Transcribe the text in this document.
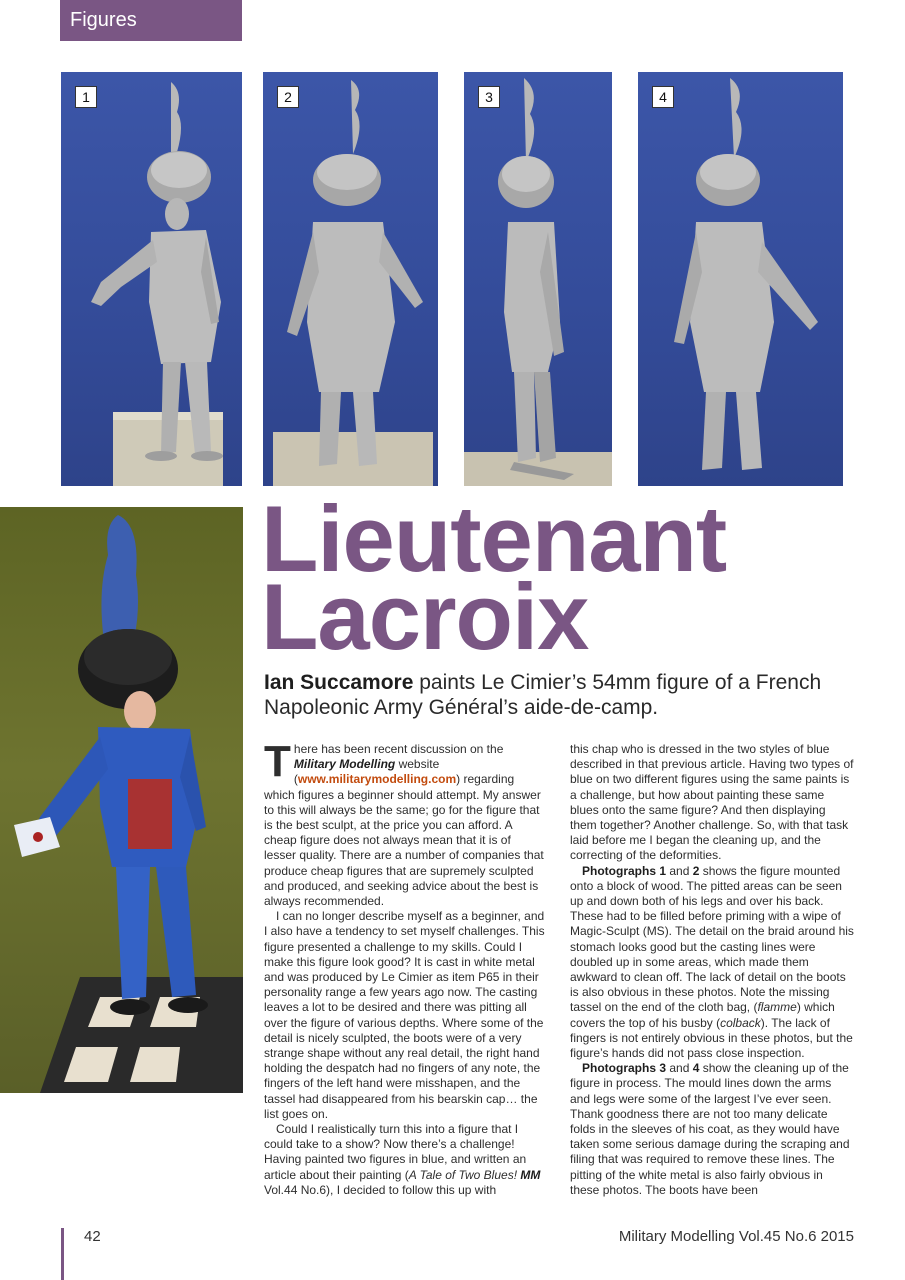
Figures
1	2	3	4
Lieutenant
Lacroix
Ian Succamore paints Le Cimier’s 54mm figure of a French Napoleonic Army Général’s aide-de-camp.

There has been recent discussion on the Military Modelling website (www.militarymodelling.com) regarding which figures a beginner should attempt. My answer to this will always be the same; go for the figure that is the best sculpt, at the price you can afford. A cheap figure does not always mean that it is of lesser quality. There are a number of companies that produce cheap figures that are supremely sculpted and produced, and seeking advice about the best is always recommended.

I can no longer describe myself as a beginner, and I also have a tendency to set myself challenges. This figure presented a challenge to my skills. Could I make this figure look good? It is cast in white metal and was produced by Le Cimier as item P65 in their personality range a few years ago now. The casting leaves a lot to be desired and there was pitting all over the figure of various depths. Where some of the detail is nicely sculpted, the boots were of a very strange shape without any real detail, the right hand holding the despatch had no fingers of any note, the fingers of the left hand were misshapen, and the tassel had disappeared from his bearskin cap… the list goes on.

Could I realistically turn this into a figure that I could take to a show? Now there’s a challenge! Having painted two figures in blue, and written an article about their painting (A Tale of Two Blues! MM Vol.44 No.6), I decided to follow this up with

this chap who is dressed in the two styles of blue described in that previous article. Having two types of blue on two different figures using the same paints is a challenge, but how about painting these same blues onto the same figure? And then displaying them together? Another challenge. So, with that task laid before me I began the cleaning up, and the correcting of the deformities.

Photographs 1 and 2 shows the figure mounted onto a block of wood. The pitted areas can be seen up and down both of his legs and over his back. These had to be filled before priming with a wipe of Magic-Sculpt (MS). The detail on the braid around his stomach looks good but the casting lines were doubled up in some areas, which made them awkward to clean off. The lack of detail on the boots is also obvious in these photos. Note the missing tassel on the end of the cloth bag, (flamme) which covers the top of his busby (colback). The lack of fingers is not entirely obvious in these photos, but the figure’s hands did not pass close inspection.

Photographs 3 and 4 show the cleaning up of the figure in process. The mould lines down the arms and legs were some of the largest I’ve ever seen. Thank goodness there are not too many delicate folds in the sleeves of his coat, as they would have taken some serious damage during the scraping and filing that was required to remove these lines. The pitting of the white metal is also fairly obvious in these photos. The boots have been

42	Military Modelling Vol.45 No.6 2015
